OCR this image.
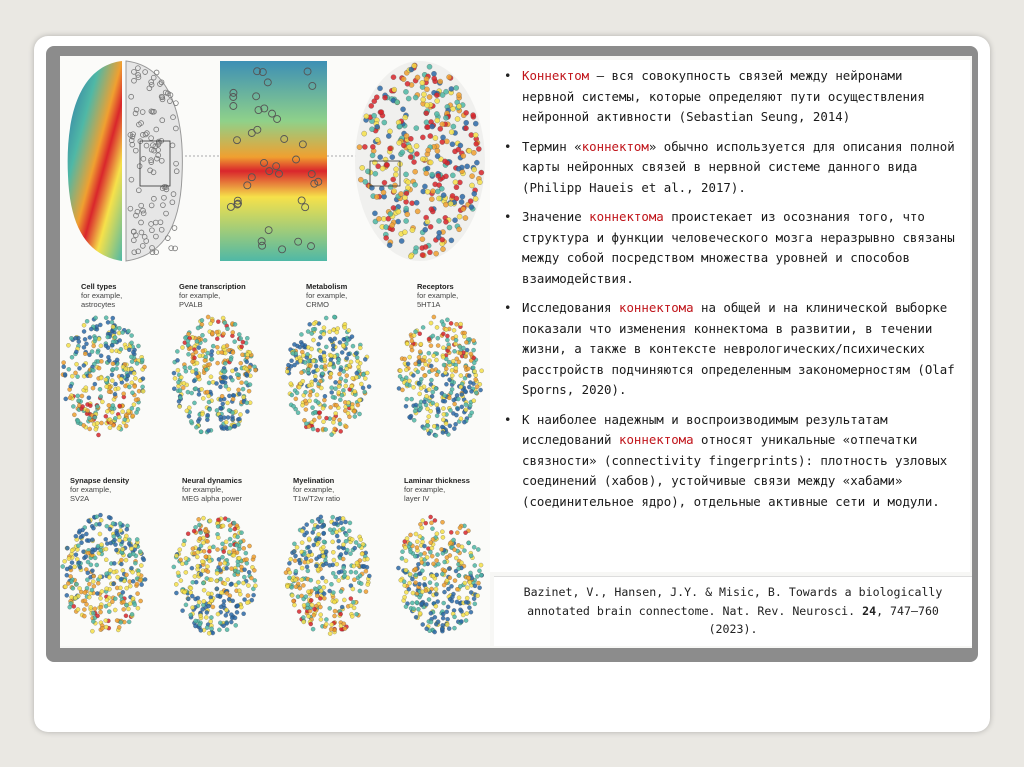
Cell types
for example,
astrocytes
Gene transcription
for example,
PVALB
Metabolism
for example,
CRMO
Receptors
for example,
5HT1A
Synapse density
for example,
SV2A
Neural dynamics
for example,
MEG alpha power
Myelination
for example,
T1w/T2w ratio
Laminar thickness
for example,
layer IV
• Коннектом – вся совокупность связей между нейронами нервной системы, которые определяют пути осуществления нейронной активности (Sebastian Seung, 2014)
• Термин «коннектом» обычно используется для описания полной карты нейронных связей в нервной системе данного вида (Philipp Haueis et al., 2017).
• Значение коннектома проистекает из осознания того, что структура и функции человеческого мозга неразрывно связаны между собой посредством множества уровней и способов взаимодействия.
• Исследования коннектома на общей и на клинической выборке показали что изменения коннектома в развитии, в течении жизни, а также в контексте неврологических/психических расстройств подчиняются определенным закономерностям (Olaf Sporns, 2020).
• К наиболее надежным и воспроизводимым результатам исследований коннектома относят уникальные «отпечатки связности» (connectivity fingerprints): плотность узловых соединений (хабов), устойчивые связи между «хабами» (соединительное ядро), отдельные активные сети и модули.
Bazinet, V., Hansen, J.Y. & Misic, B. Towards a biologically
annotated brain connectome. Nat. Rev. Neurosci. 24, 747–760
(2023).
